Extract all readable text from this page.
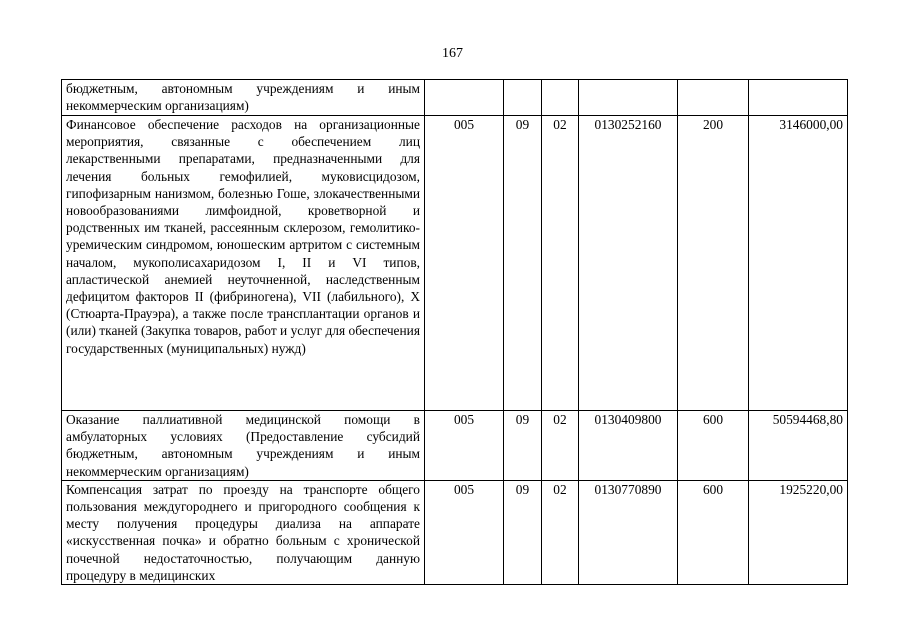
167
бюджетным, автономным учреждениям и иным некоммерческим организациям)						
Финансовое обеспечение расходов на организационные мероприятия, связанные с обеспечением лиц лекарственными препаратами, предназначенными для лечения больных гемофилией, муковисцидозом, гипофизарным нанизмом, болезнью Гоше, злокачественными новообразованиями лимфоидной, кроветворной и родственных им тканей, рассеянным склерозом, гемолитико-уремическим синдромом, юношеским артритом с системным началом, мукополисахаридозом I, II и VI типов, апластической анемией неуточненной, наследственным дефицитом факторов II (фибриногена), VII (лабильного), X (Стюарта-Прауэра), а также после трансплантации органов и (или) тканей (Закупка товаров, работ и услуг для обеспечения государственных (муниципальных) нужд)	005	09	02	0130252160	200	3146000,00
Оказание паллиативной медицинской помощи в амбулаторных условиях (Предоставление субсидий бюджетным, автономным учреждениям и иным некоммерческим организациям)	005	09	02	0130409800	600	50594468,80

Компенсация затрат по проезду на транспорте общего пользования междугороднего и пригородного сообщения к месту получения процедуры диализа на аппарате «искусственная почка» и обратно больным с хронической почечной недостаточностью, получающим данную процедуру в медицинских	005	09	02	0130770890	600	1925220,00
